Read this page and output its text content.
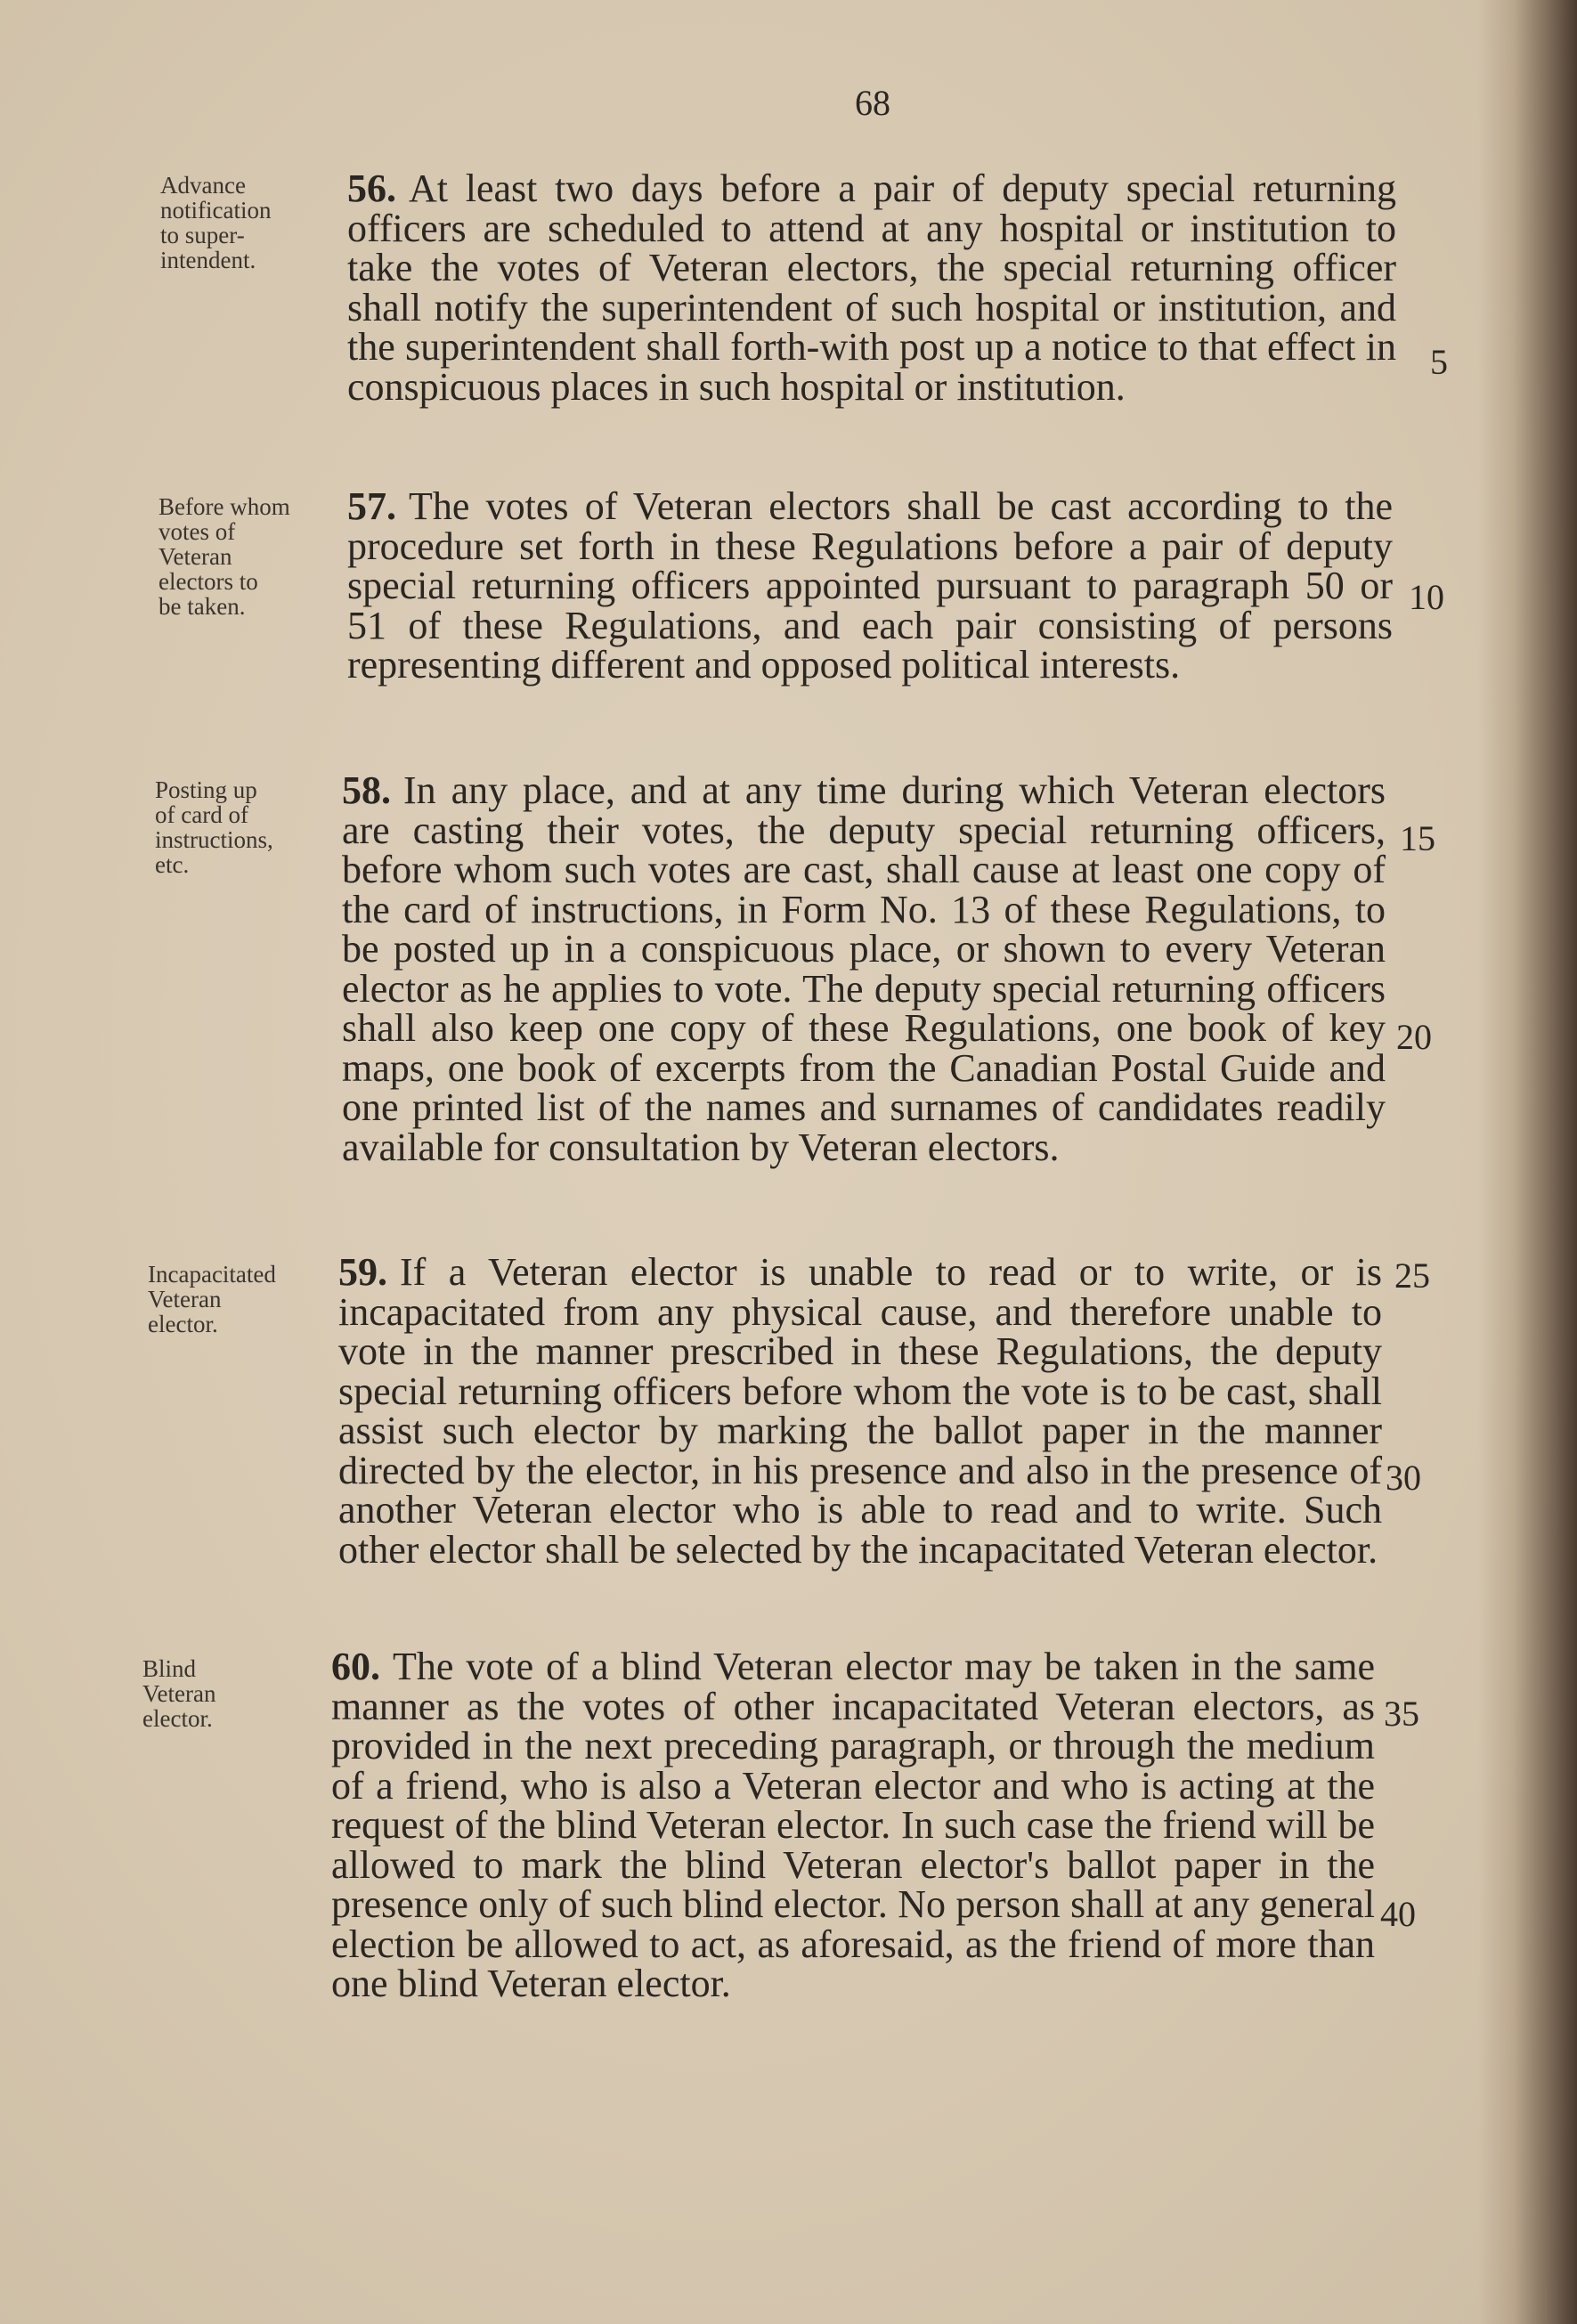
68
Advance
notification
to super-
intendent.
56. At least two days before a pair of deputy special returning officers are scheduled to attend at any hospital or institution to take the votes of Veteran electors, the special returning officer shall notify the superintendent of such hospital or institution, and the superintendent shall forth-with post up a notice to that effect in conspicuous places in such hospital or institution.
Before whom
votes of
Veteran
electors to
be taken.
57. The votes of Veteran electors shall be cast according to the procedure set forth in these Regulations before a pair of deputy special returning officers appointed pursuant to paragraph 50 or 51 of these Regulations, and each pair consisting of persons representing different and opposed political interests.
Posting up
of card of
instructions,
etc.
58. In any place, and at any time during which Veteran electors are casting their votes, the deputy special returning officers, before whom such votes are cast, shall cause at least one copy of the card of instructions, in Form No. 13 of these Regulations, to be posted up in a conspicuous place, or shown to every Veteran elector as he applies to vote. The deputy special returning officers shall also keep one copy of these Regulations, one book of key maps, one book of excerpts from the Canadian Postal Guide and one printed list of the names and surnames of candidates readily available for consultation by Veteran electors.
Incapacitated
Veteran
elector.
59. If a Veteran elector is unable to read or to write, or is incapacitated from any physical cause, and therefore unable to vote in the manner prescribed in these Regulations, the deputy special returning officers before whom the vote is to be cast, shall assist such elector by marking the ballot paper in the manner directed by the elector, in his presence and also in the presence of another Veteran elector who is able to read and to write. Such other elector shall be selected by the incapacitated Veteran elector.
Blind
Veteran
elector.
60. The vote of a blind Veteran elector may be taken in the same manner as the votes of other incapacitated Veteran electors, as provided in the next preceding paragraph, or through the medium of a friend, who is also a Veteran elector and who is acting at the request of the blind Veteran elector. In such case the friend will be allowed to mark the blind Veteran elector's ballot paper in the presence only of such blind elector. No person shall at any general election be allowed to act, as aforesaid, as the friend of more than one blind Veteran elector.
5
10
15
20
25
30
35
40
